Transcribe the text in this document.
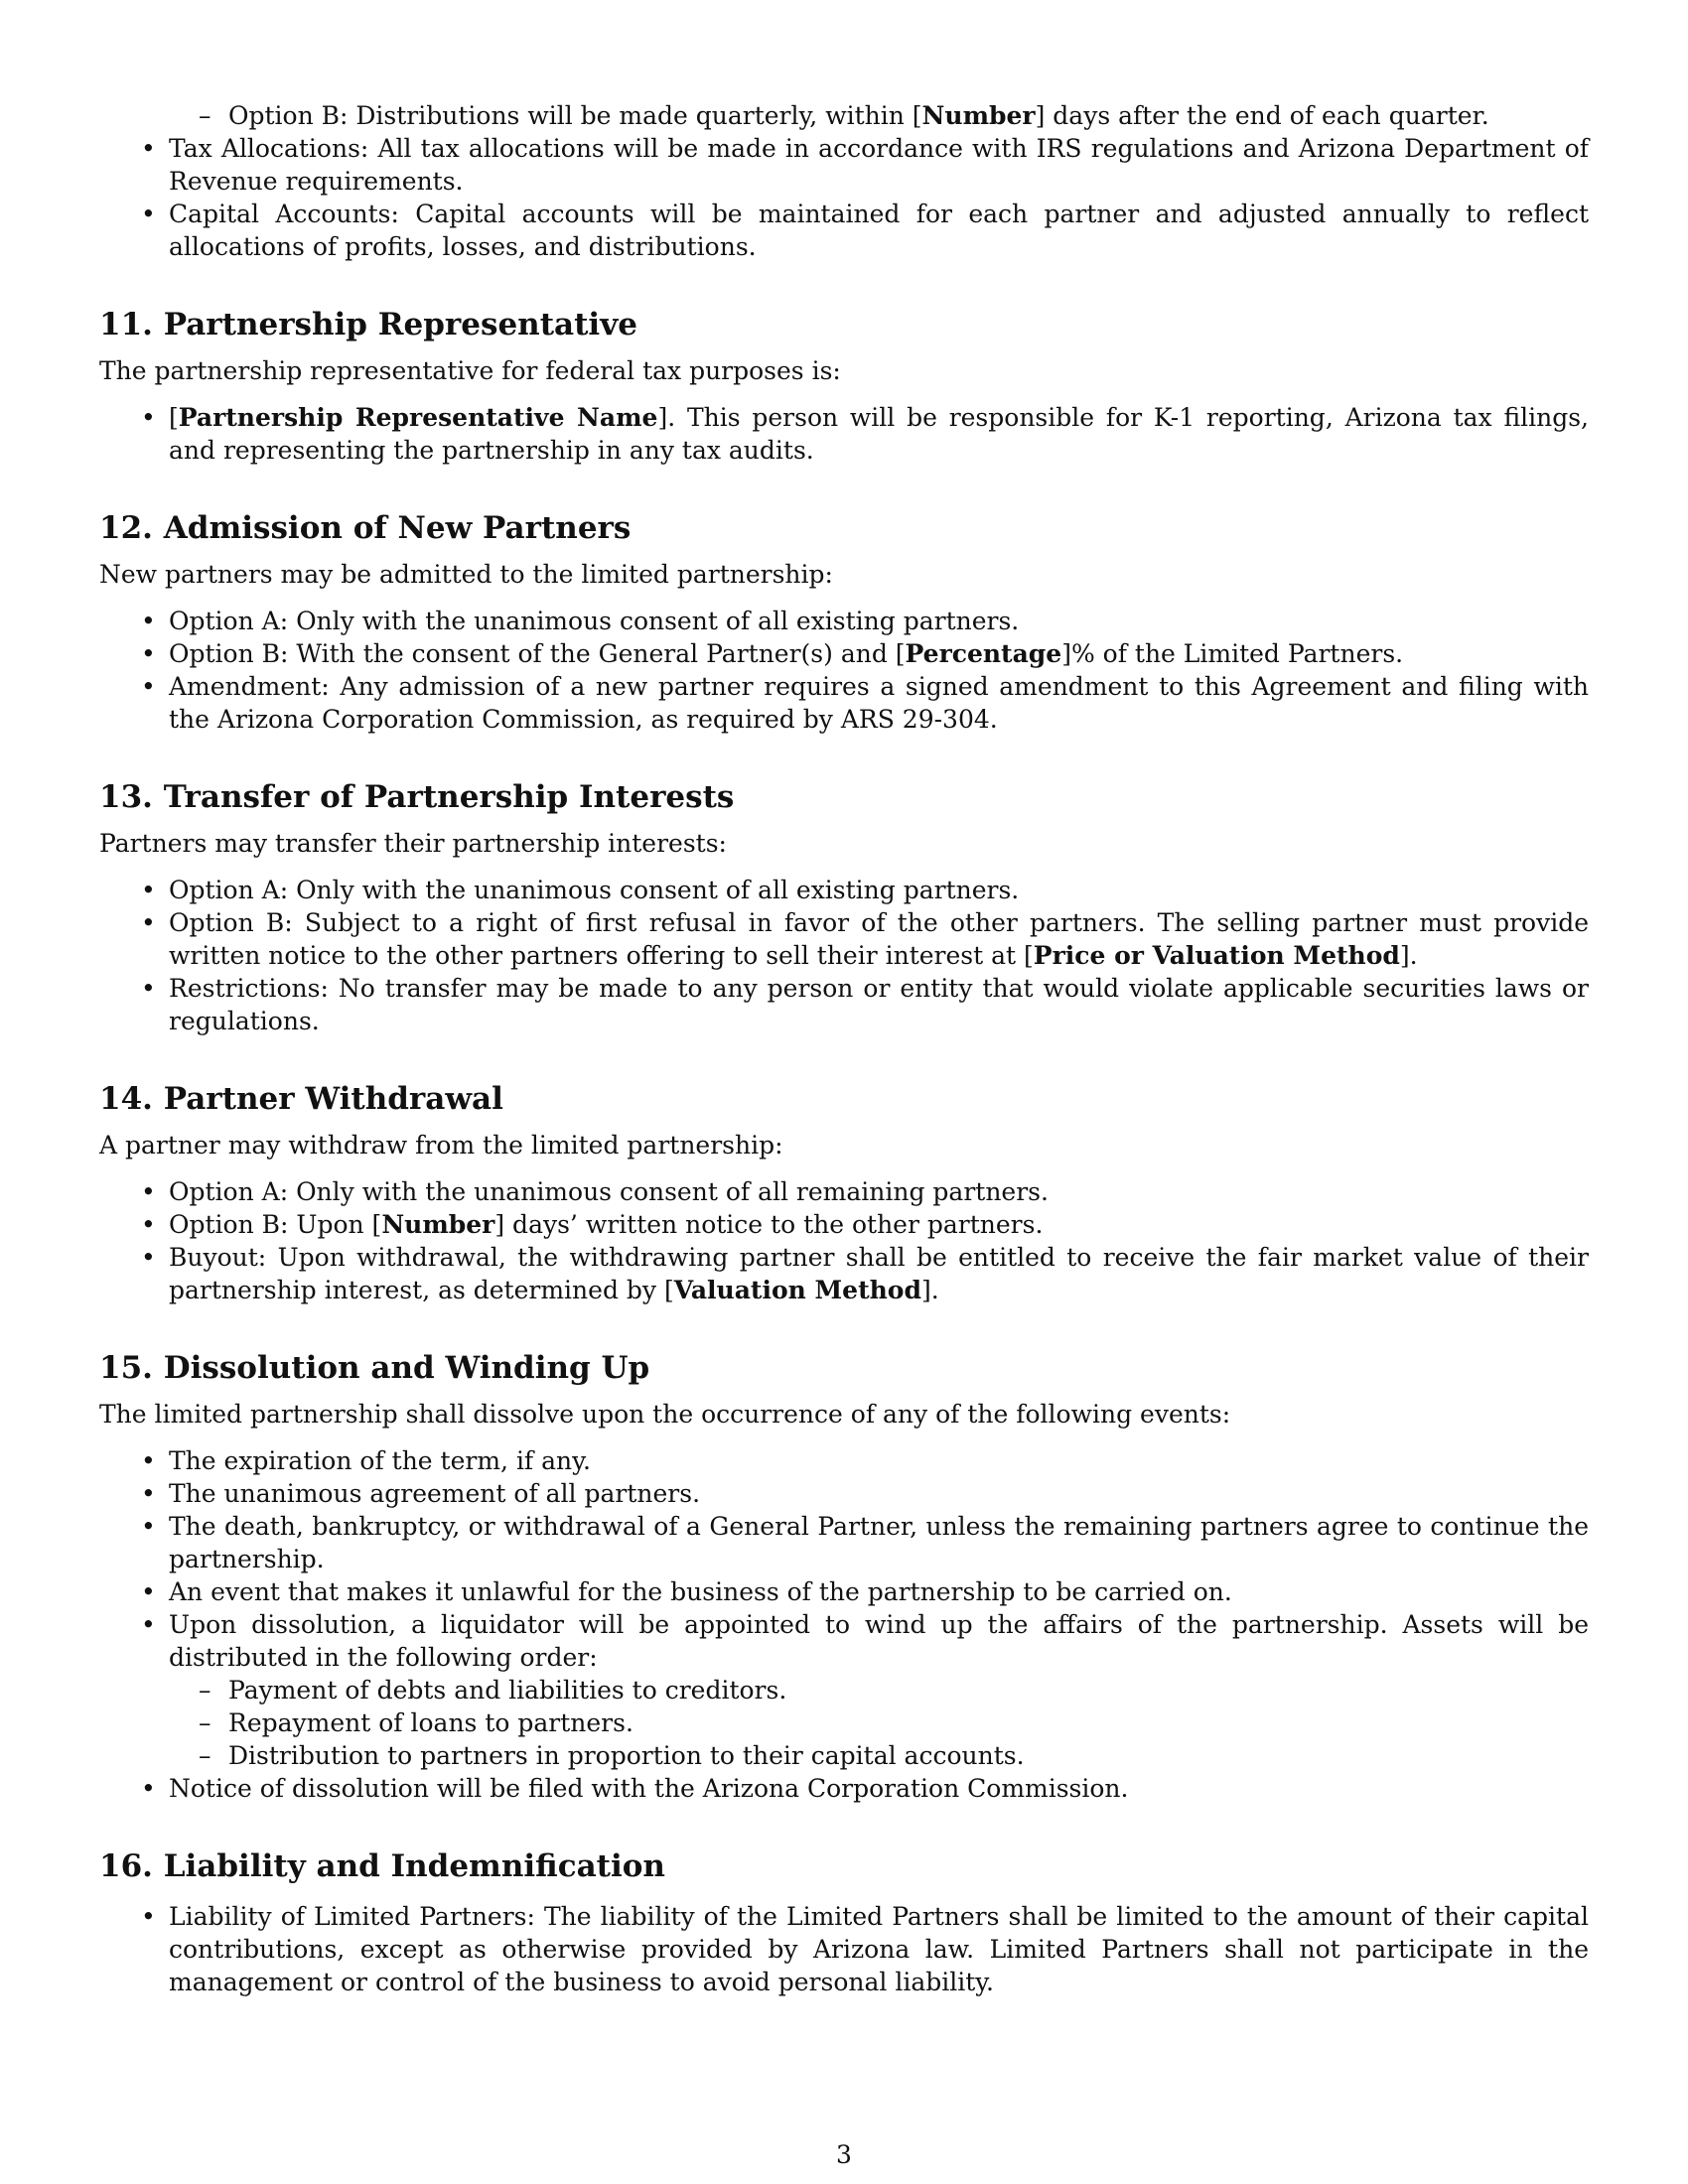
– Option B: Distributions will be made quarterly, within [Number] days after the end of each quarter.
• Tax Allocations: All tax allocations will be made in accordance with IRS regulations and Arizona Department of Revenue requirements.
• Capital Accounts: Capital accounts will be maintained for each partner and adjusted annually to reflect allocations of profits, losses, and distributions.
11. Partnership Representative

The partnership representative for federal tax purposes is:

• [Partnership Representative Name]. This person will be responsible for K-1 reporting, Arizona tax filings, and representing the partnership in any tax audits.
12. Admission of New Partners

New partners may be admitted to the limited partnership:

• Option A: Only with the unanimous consent of all existing partners.
• Option B: With the consent of the General Partner(s) and [Percentage]% of the Limited Partners.
• Amendment: Any admission of a new partner requires a signed amendment to this Agreement and filing with the Arizona Corporation Commission, as required by ARS 29-304.
13. Transfer of Partnership Interests

Partners may transfer their partnership interests:

• Option A: Only with the unanimous consent of all existing partners.
• Option B: Subject to a right of first refusal in favor of the other partners. The selling partner must provide written notice to the other partners offering to sell their interest at [Price or Valuation Method].
• Restrictions: No transfer may be made to any person or entity that would violate applicable securities laws or regulations.
14. Partner Withdrawal

A partner may withdraw from the limited partnership:

• Option A: Only with the unanimous consent of all remaining partners.
• Option B: Upon [Number] days’ written notice to the other partners.
• Buyout: Upon withdrawal, the withdrawing partner shall be entitled to receive the fair market value of their partnership interest, as determined by [Valuation Method].
15. Dissolution and Winding Up

The limited partnership shall dissolve upon the occurrence of any of the following events:

• The expiration of the term, if any.
• The unanimous agreement of all partners.
• The death, bankruptcy, or withdrawal of a General Partner, unless the remaining partners agree to continue the partnership.
• An event that makes it unlawful for the business of the partnership to be carried on.
• Upon dissolution, a liquidator will be appointed to wind up the affairs of the partnership. Assets will be distributed in the following order:
– Payment of debts and liabilities to creditors.
– Repayment of loans to partners.
– Distribution to partners in proportion to their capital accounts.
• Notice of dissolution will be filed with the Arizona Corporation Commission.
16. Liability and Indemnification
• Liability of Limited Partners: The liability of the Limited Partners shall be limited to the amount of their capital contributions, except as otherwise provided by Arizona law. Limited Partners shall not participate in the management or control of the business to avoid personal liability.
3
